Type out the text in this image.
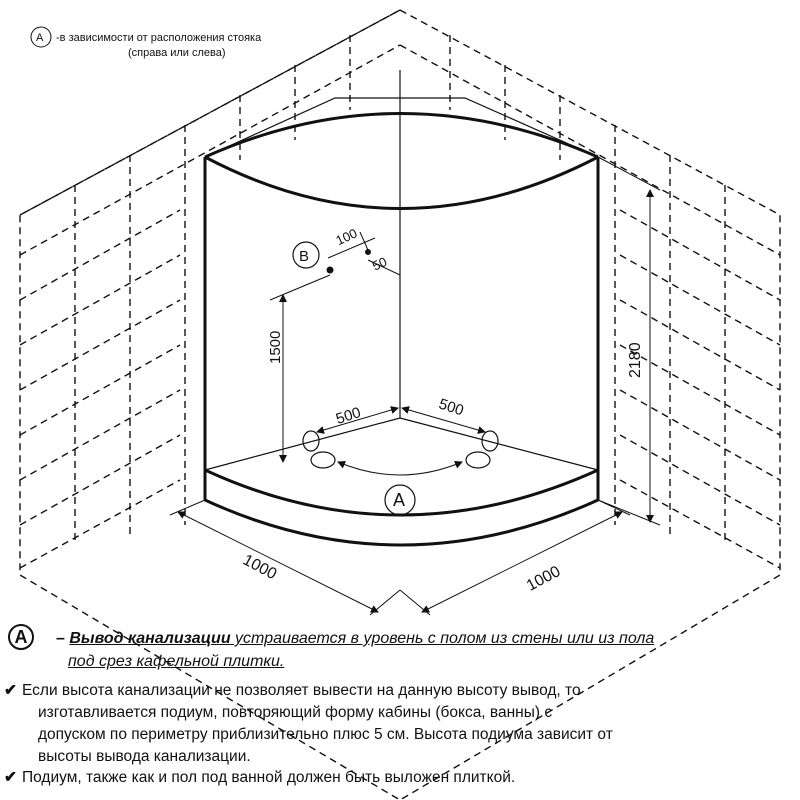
B
A
100
50
1500	2180
500	500
1000	1000
A -в зависимости от расположения стояка
(справа или слева)
A	– Вывод канализации устраивается в уровень с полом из стены или из пола
под срез кафельной плитки.
✔ Если высота канализации не позволяет вывести на данную высоту вывод, то
изготавливается подиум, повторяющий форму кабины (бокса, ванны) с
допуском по периметру приблизительно плюс 5 см. Высота подиума зависит от
высоты вывода канализации.
✔ Подиум, также как и пол под ванной должен быть выложен плиткой.
